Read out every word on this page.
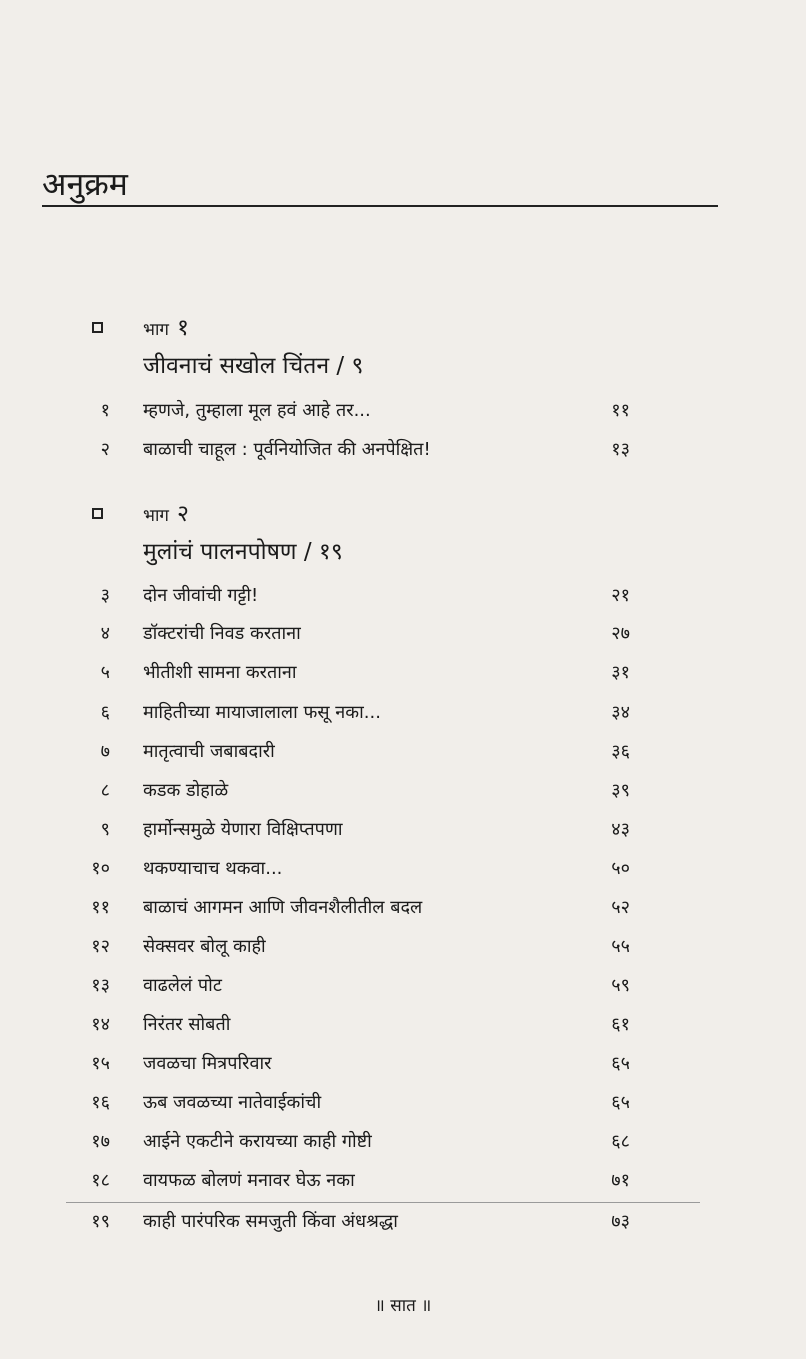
अनुक्रम
भाग १
जीवनाचं सखोल चिंतन / ९
१ म्हणजे, तुम्हाला मूल हवं आहे तर...	११
२ बाळाची चाहूल : पूर्वनियोजित की अनपेक्षित!	१३
भाग २
मुलांचं पालनपोषण / १९
३ दोन जीवांची गट्टी!	२१
४ डॉक्टरांची निवड करताना	२७
५ भीतीशी सामना करताना	३१
६ माहितीच्या मायाजालाला फसू नका...	३४
७ मातृत्वाची जबाबदारी	३६
८ कडक डोहाळे	३९
९ हार्मोन्समुळे येणारा विक्षिप्तपणा	४३
१० थकण्याचाच थकवा...	५०
११ बाळाचं आगमन आणि जीवनशैलीतील बदल	५२
१२ सेक्सवर बोलू काही	५५
१३ वाढलेलं पोट	५९
१४ निरंतर सोबती	६१
१५ जवळचा मित्रपरिवार	६५
१६ ऊब जवळच्या नातेवाईकांची	६५
१७ आईने एकटीने करायच्या काही गोष्टी	६८
१८ वायफळ बोलणं मनावर घेऊ नका	७१
१९ काही पारंपरिक समजुती किंवा अंधश्रद्धा	७३
॥ सात ॥
